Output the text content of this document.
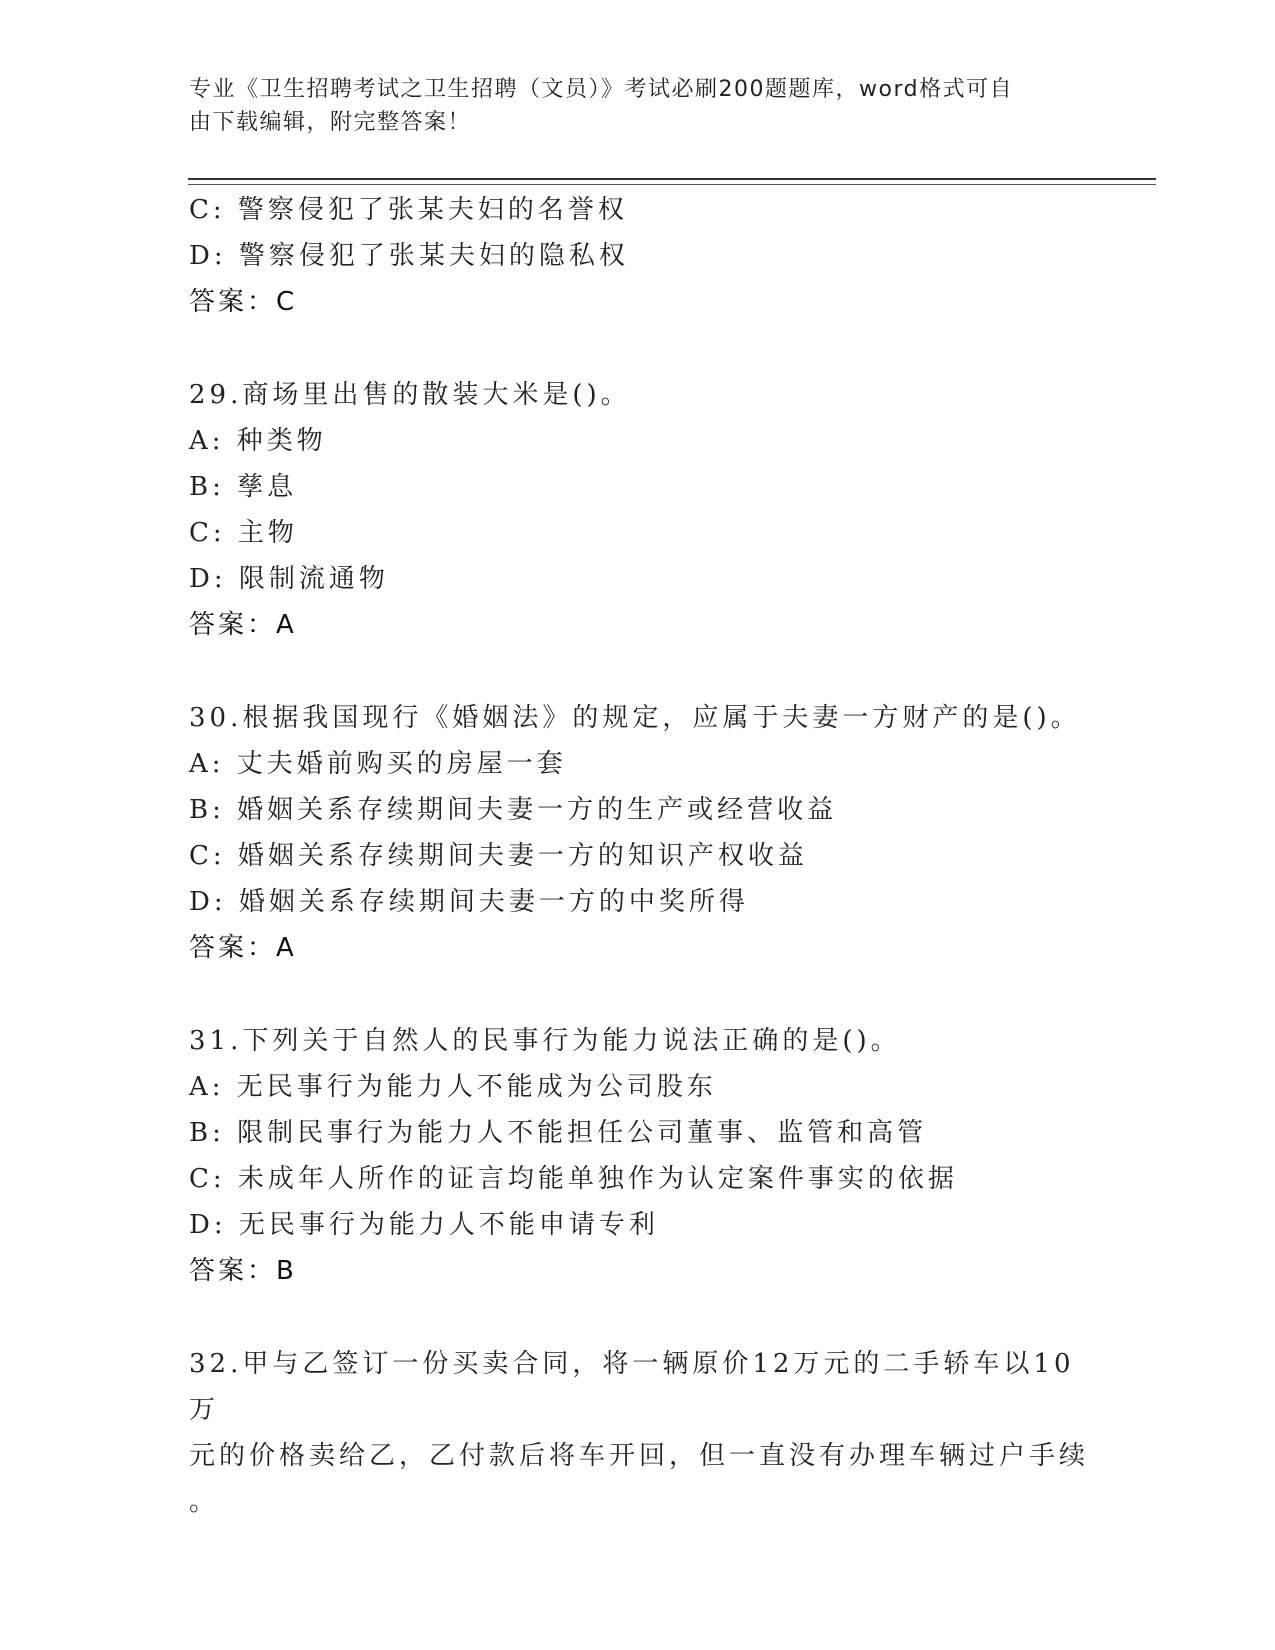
专业《卫生招聘考试之卫生招聘（文员）》考试必刷200题题库，word格式可自
由下载编辑，附完整答案！
C: 警察侵犯了张某夫妇的名誉权
D: 警察侵犯了张某夫妇的隐私权
答案：C
29.商场里出售的散装大米是()。
A: 种类物
B: 孳息
C: 主物
D: 限制流通物
答案：A
30.根据我国现行《婚姻法》的规定，应属于夫妻一方财产的是()。
A: 丈夫婚前购买的房屋一套
B: 婚姻关系存续期间夫妻一方的生产或经营收益
C: 婚姻关系存续期间夫妻一方的知识产权收益
D: 婚姻关系存续期间夫妻一方的中奖所得
答案：A
31.下列关于自然人的民事行为能力说法正确的是()。
A: 无民事行为能力人不能成为公司股东
B: 限制民事行为能力人不能担任公司董事、监管和高管
C: 未成年人所作的证言均能单独作为认定案件事实的依据
D: 无民事行为能力人不能申请专利
答案：B
32.甲与乙签订一份买卖合同，将一辆原价12万元的二手轿车以10万
元的价格卖给乙，乙付款后将车开回，但一直没有办理车辆过户手续
。
